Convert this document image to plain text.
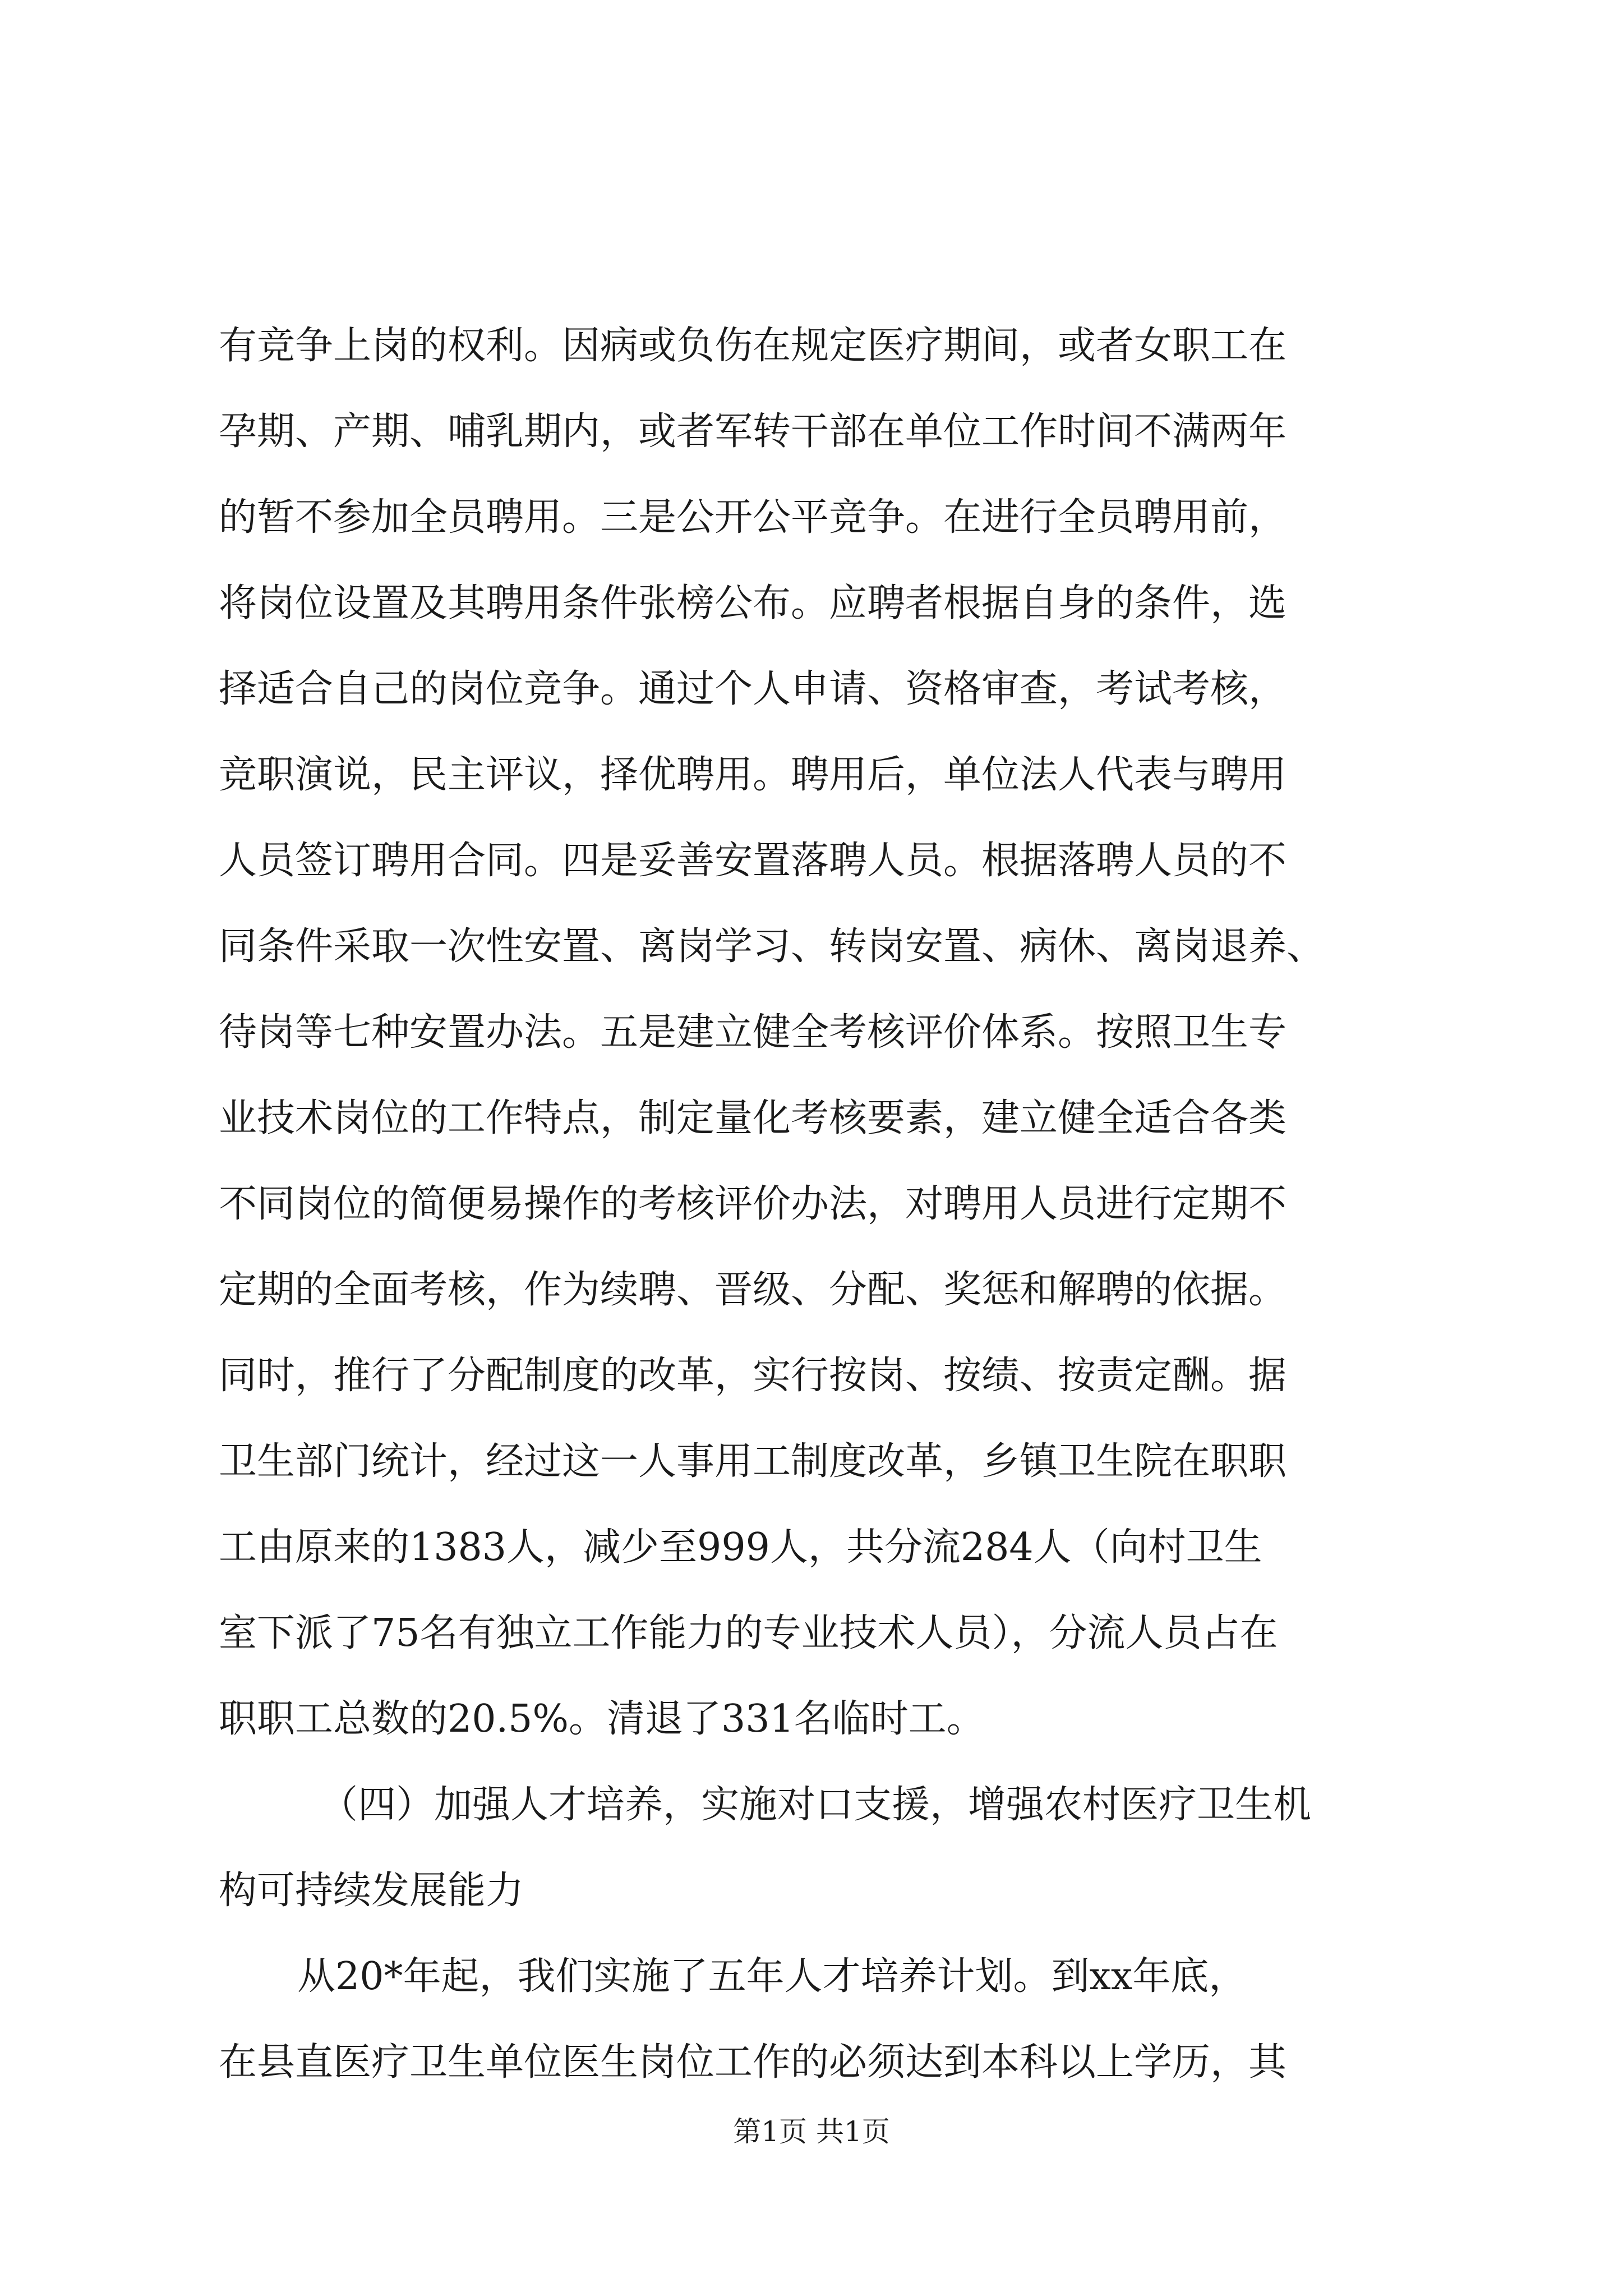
有竞争上岗的权利。因病或负伤在规定医疗期间，或者女职工在
孕期、产期、哺乳期内，或者军转干部在单位工作时间不满两年
的暂不参加全员聘用。三是公开公平竞争。在进行全员聘用前，
将岗位设置及其聘用条件张榜公布。应聘者根据自身的条件，选
择适合自己的岗位竞争。通过个人申请、资格审查，考试考核，
竞职演说，民主评议，择优聘用。聘用后，单位法人代表与聘用
人员签订聘用合同。四是妥善安置落聘人员。根据落聘人员的不
同条件采取一次性安置、离岗学习、转岗安置、病休、离岗退养、
待岗等七种安置办法。五是建立健全考核评价体系。按照卫生专
业技术岗位的工作特点，制定量化考核要素，建立健全适合各类
不同岗位的简便易操作的考核评价办法，对聘用人员进行定期不
定期的全面考核，作为续聘、晋级、分配、奖惩和解聘的依据。
同时，推行了分配制度的改革，实行按岗、按绩、按责定酬。据
卫生部门统计，经过这一人事用工制度改革，乡镇卫生院在职职
工由原来的1383人，减少至999人，共分流284人（向村卫生
室下派了75名有独立工作能力的专业技术人员），分流人员占在
职职工总数的20.5%。清退了331名临时工。
（四）加强人才培养，实施对口支援，增强农村医疗卫生机
构可持续发展能力
从20*年起，我们实施了五年人才培养计划。到xx年底，
在县直医疗卫生单位医生岗位工作的必须达到本科以上学历，其
第1页 共1页
